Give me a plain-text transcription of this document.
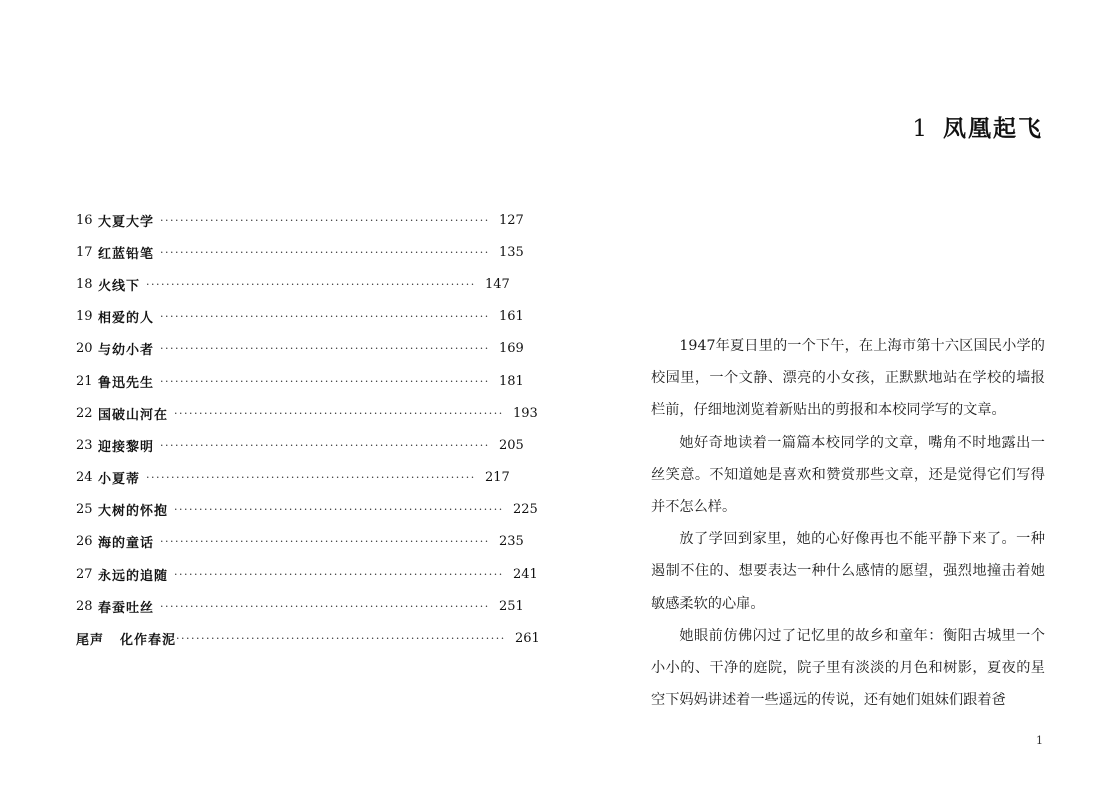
16 大夏大学 ·································································· 127
17 红蓝铅笔 ·································································· 135
18 火线下 ·································································· 147
19 相爱的人 ·································································· 161
20 与幼小者 ·································································· 169
21 鲁迅先生 ·································································· 181
22 国破山河在 ·································································· 193
23 迎接黎明 ·································································· 205
24 小夏蒂 ·································································· 217
25 大树的怀抱 ·································································· 225
26 海的童话 ·································································· 235
27 永远的追随 ·································································· 241
28 春蚕吐丝 ·································································· 251
尾声	化作春泥 ·································································· 261
1 凤凰起飞

1947年夏日里的一个下午，在上海市第十六区国民小学的校园里，一个文静、漂亮的小女孩，正默默地站在学校的墙报栏前，仔细地浏览着新贴出的剪报和本校同学写的文章。

她好奇地读着一篇篇本校同学的文章，嘴角不时地露出一丝笑意。不知道她是喜欢和赞赏那些文章，还是觉得它们写得并不怎么样。

放了学回到家里，她的心好像再也不能平静下来了。一种遏制不住的、想要表达一种什么感情的愿望，强烈地撞击着她敏感柔软的心扉。

她眼前仿佛闪过了记忆里的故乡和童年：衡阳古城里一个小小的、干净的庭院，院子里有淡淡的月色和树影，夏夜的星空下妈妈讲述着一些遥远的传说，还有她们姐妹们跟着爸

1
